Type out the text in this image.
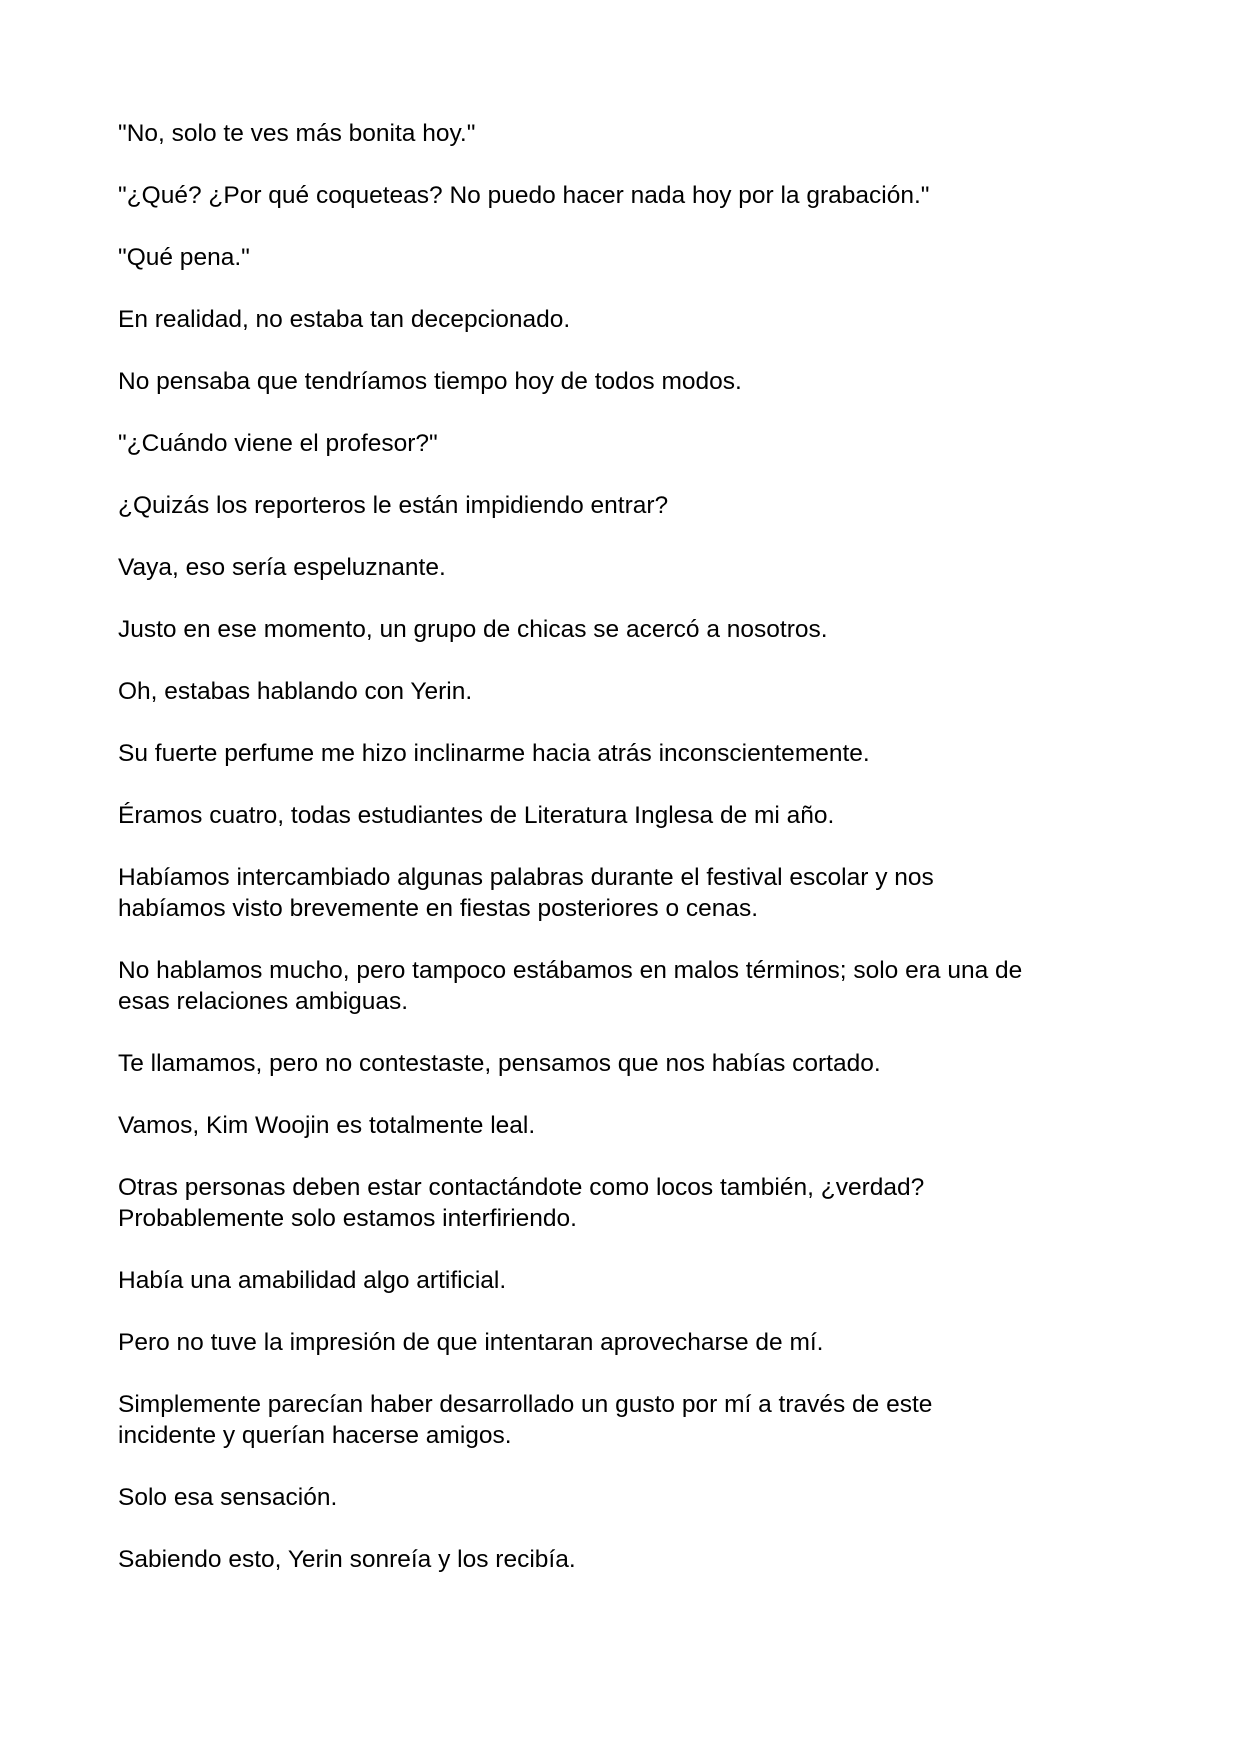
"No, solo te ves más bonita hoy."

"¿Qué? ¿Por qué coqueteas? No puedo hacer nada hoy por la grabación."

"Qué pena."

En realidad, no estaba tan decepcionado.

No pensaba que tendríamos tiempo hoy de todos modos.

"¿Cuándo viene el profesor?"

¿Quizás los reporteros le están impidiendo entrar?

Vaya, eso sería espeluznante.

Justo en ese momento, un grupo de chicas se acercó a nosotros.

Oh, estabas hablando con Yerin.

Su fuerte perfume me hizo inclinarme hacia atrás inconscientemente.

Éramos cuatro, todas estudiantes de Literatura Inglesa de mi año.

Habíamos intercambiado algunas palabras durante el festival escolar y nos
habíamos visto brevemente en fiestas posteriores o cenas.

No hablamos mucho, pero tampoco estábamos en malos términos; solo era una de
esas relaciones ambiguas.

Te llamamos, pero no contestaste, pensamos que nos habías cortado.

Vamos, Kim Woojin es totalmente leal.

Otras personas deben estar contactándote como locos también, ¿verdad?
Probablemente solo estamos interfiriendo.

Había una amabilidad algo artificial.

Pero no tuve la impresión de que intentaran aprovecharse de mí.

Simplemente parecían haber desarrollado un gusto por mí a través de este
incidente y querían hacerse amigos.

Solo esa sensación.

Sabiendo esto, Yerin sonreía y los recibía.
